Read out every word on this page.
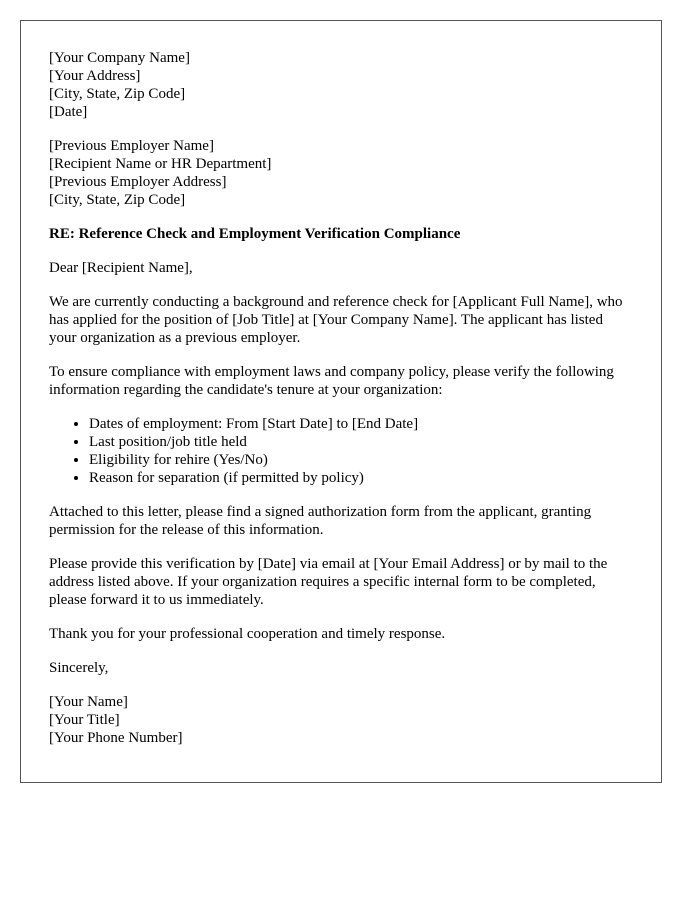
[Your Company Name]
[Your Address]
[City, State, Zip Code]
[Date]
[Previous Employer Name]
[Recipient Name or HR Department]
[Previous Employer Address]
[City, State, Zip Code]

RE: Reference Check and Employment Verification Compliance

Dear [Recipient Name],

We are currently conducting a background and reference check for [Applicant Full Name], who has applied for the position of [Job Title] at [Your Company Name]. The applicant has listed your organization as a previous employer.

To ensure compliance with employment laws and company policy, please verify the following information regarding the candidate's tenure at your organization:

• Dates of employment: From [Start Date] to [End Date]
• Last position/job title held
• Eligibility for rehire (Yes/No)
• Reason for separation (if permitted by policy)

Attached to this letter, please find a signed authorization form from the applicant, granting permission for the release of this information.

Please provide this verification by [Date] via email at [Your Email Address] or by mail to the address listed above. If your organization requires a specific internal form to be completed, please forward it to us immediately.

Thank you for your professional cooperation and timely response.

Sincerely,

[Your Name]
[Your Title]
[Your Phone Number]
